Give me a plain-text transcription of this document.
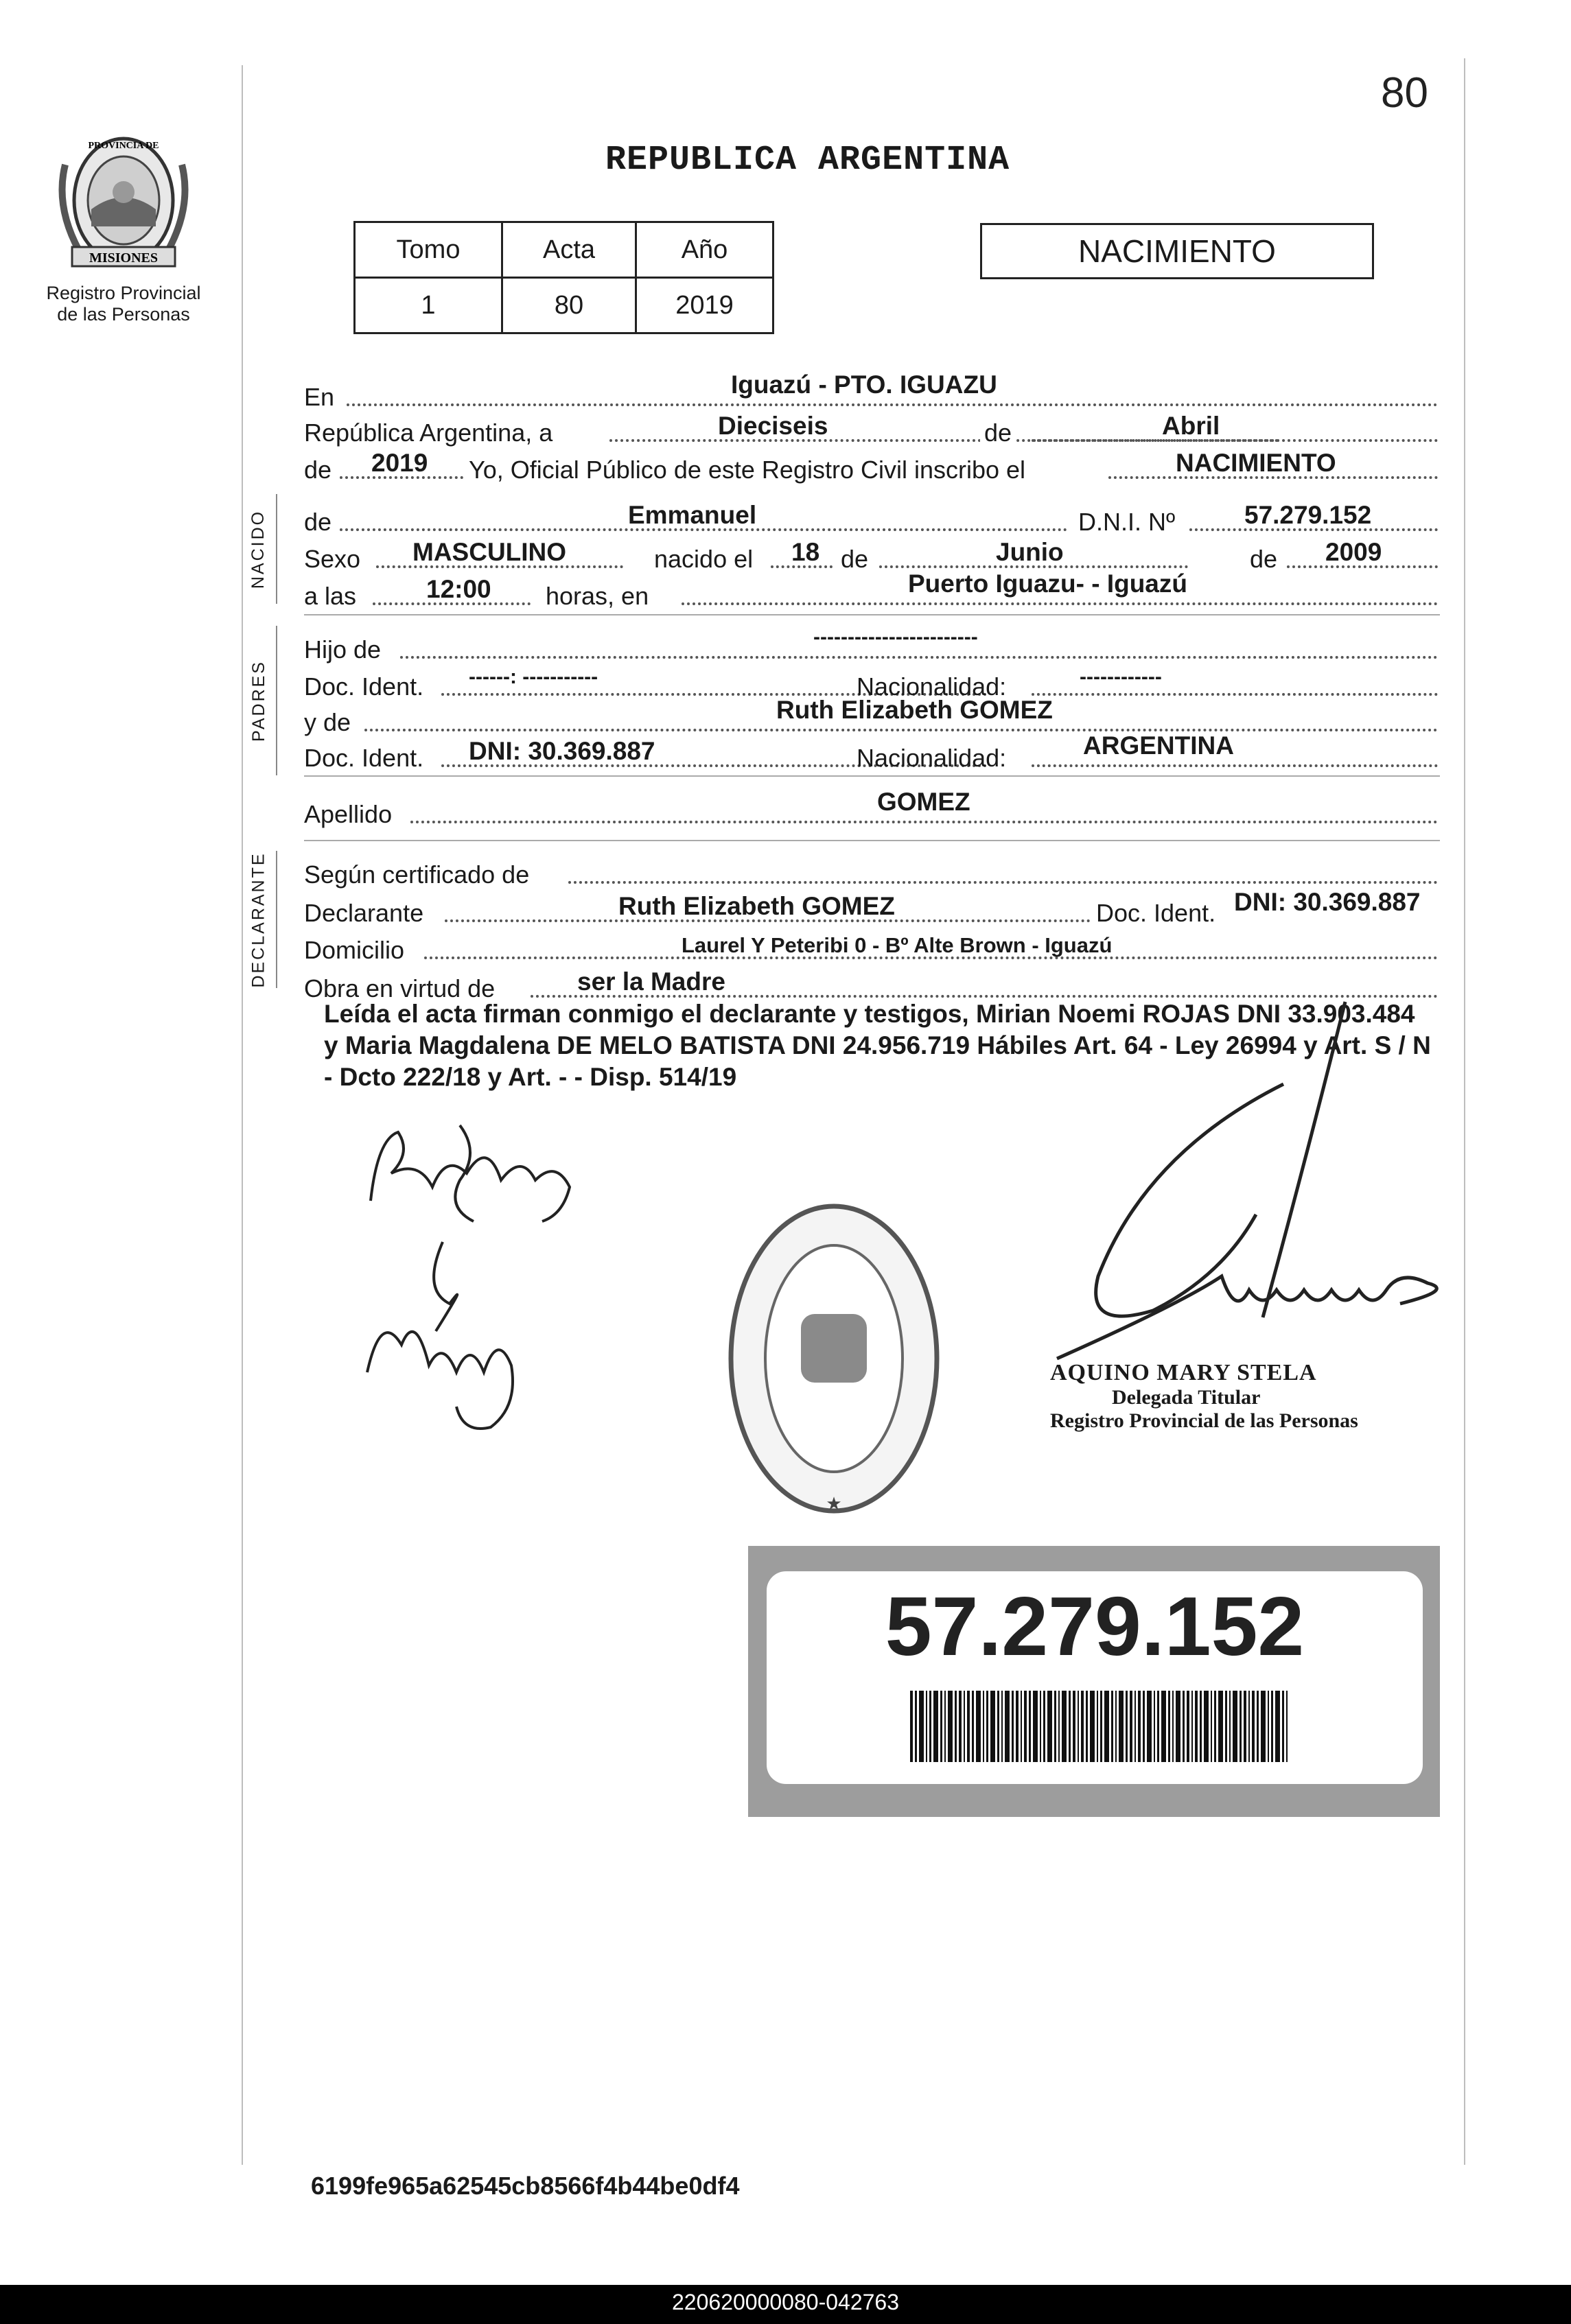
80
MISIONES
PROVINCIA DE
Registro Provincial
de las Personas
REPUBLICA ARGENTINA
Tomo	Acta	Año
1	80	2019
NACIMIENTO
En	Iguazú - PTO. IGUAZU
República Argentina, a	Dieciseis	de	Abril
de 2019 Yo, Oficial Público de este Registro Civil inscribo el	NACIMIENTO
NACIDO de	Emmanuel	D.N.I. Nº	57.279.152
Sexo MASCULINO	nacido el 18 de	Junio	de 2009
a las	12:00 horas, en	Puerto Iguazu- - Iguazú
PADRES
Hijo de	------------------------
Doc. Ident. ------: -----------	Nacionalidad:	------------
y de	Ruth Elizabeth GOMEZ
Doc. Ident. DNI: 30.369.887	Nacionalidad:	ARGENTINA
Apellido	GOMEZ
DECLARANTE Según certificado de
Declarante	Ruth Elizabeth GOMEZ	Doc. Ident. DNI: 30.369.887
Domicilio	Laurel Y Peteribi 0 - Bº Alte Brown - Iguazú
Obra en virtud de	ser la Madre
Leída el acta firman conmigo el declarante y testigos, Mirian Noemi ROJAS DNI 33.903.484 y Maria Magdalena DE MELO BATISTA DNI 24.956.719 Hábiles Art. 64 - Ley 26994 y Art. S / N - Dcto 222/18 y Art. - - Disp. 514/19
★
AQUINO MARY STELA
Delegada Titular
Registro Provincial de las Personas
57.279.152
6199fe965a62545cb8566f4b44be0df4
220620000080-042763
